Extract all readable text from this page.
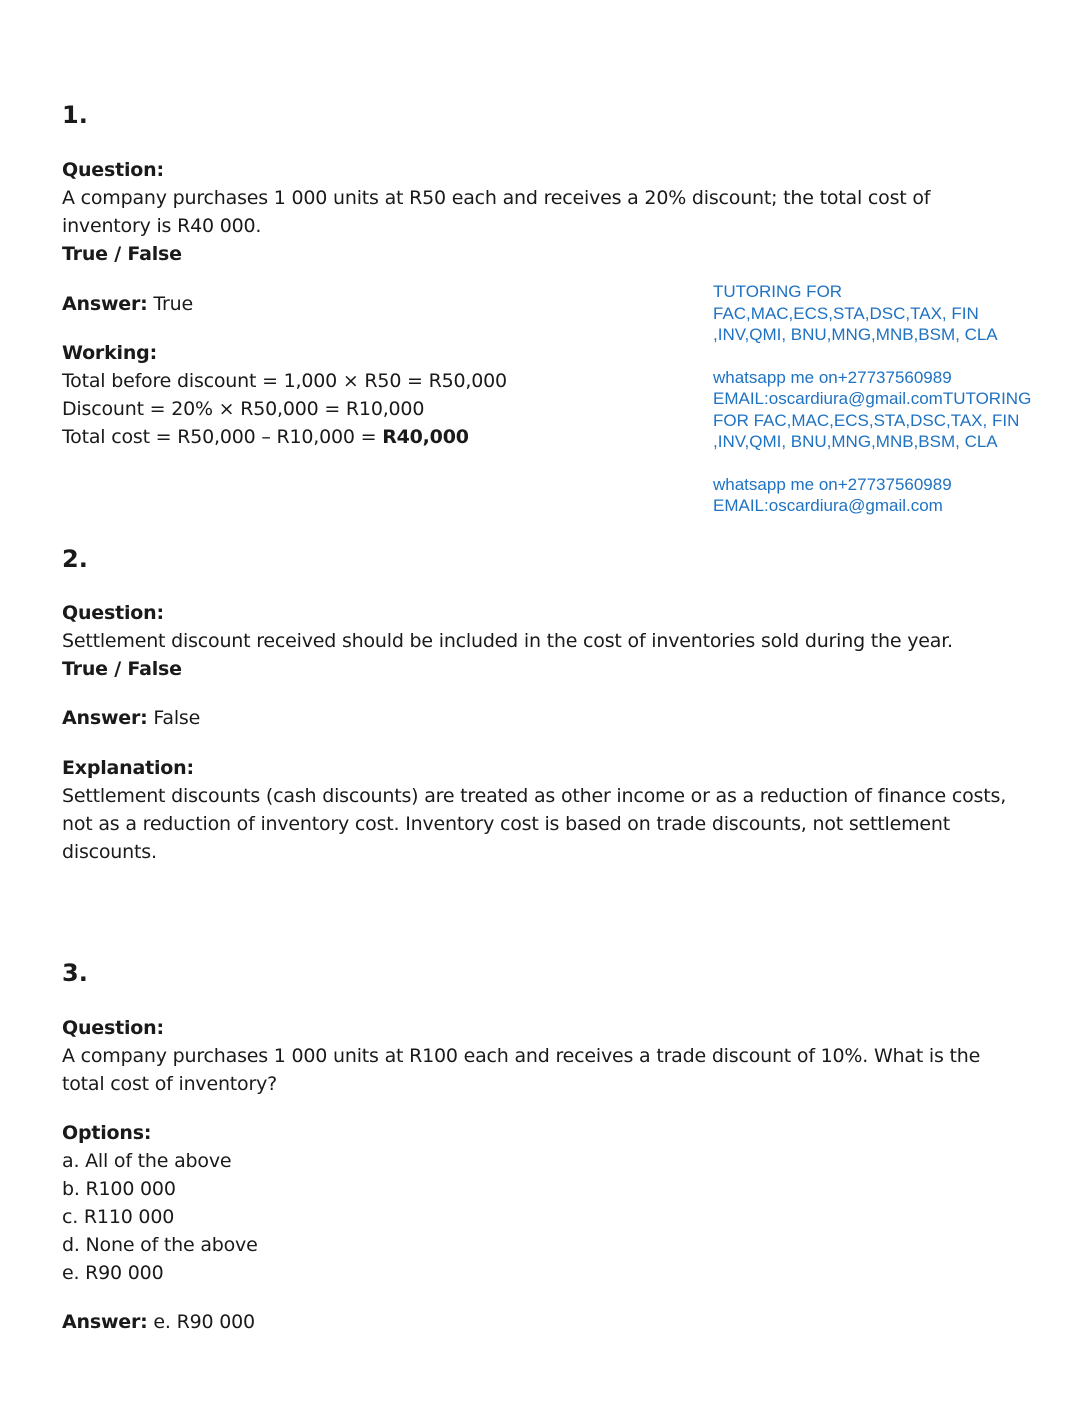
1.
Question:
A company purchases 1 000 units at R50 each and receives a 20% discount; the total cost of inventory is R40 000.
True / False
Answer: True
Working:
Total before discount = 1,000 × R50 = R50,000
Discount = 20% × R50,000 = R10,000
Total cost = R50,000 – R10,000 = R40,000
TUTORING FOR
FAC,MAC,ECS,STA,DSC,TAX, FIN
,INV,QMI, BNU,MNG,MNB,BSM, CLA
whatsapp me on+27737560989
EMAIL:oscardiura@gmail.comTUTORING
FOR FAC,MAC,ECS,STA,DSC,TAX, FIN
,INV,QMI, BNU,MNG,MNB,BSM, CLA
whatsapp me on+27737560989
EMAIL:oscardiura@gmail.com
2.
Question:
Settlement discount received should be included in the cost of inventories sold during the year.
True / False
Answer: False
Explanation:
Settlement discounts (cash discounts) are treated as other income or as a reduction of finance costs, not as a reduction of inventory cost. Inventory cost is based on trade discounts, not settlement discounts.
3.
Question:
A company purchases 1 000 units at R100 each and receives a trade discount of 10%. What is the total cost of inventory?
Options:
a. All of the above
b. R100 000
c. R110 000
d. None of the above
e. R90 000
Answer: e. R90 000
